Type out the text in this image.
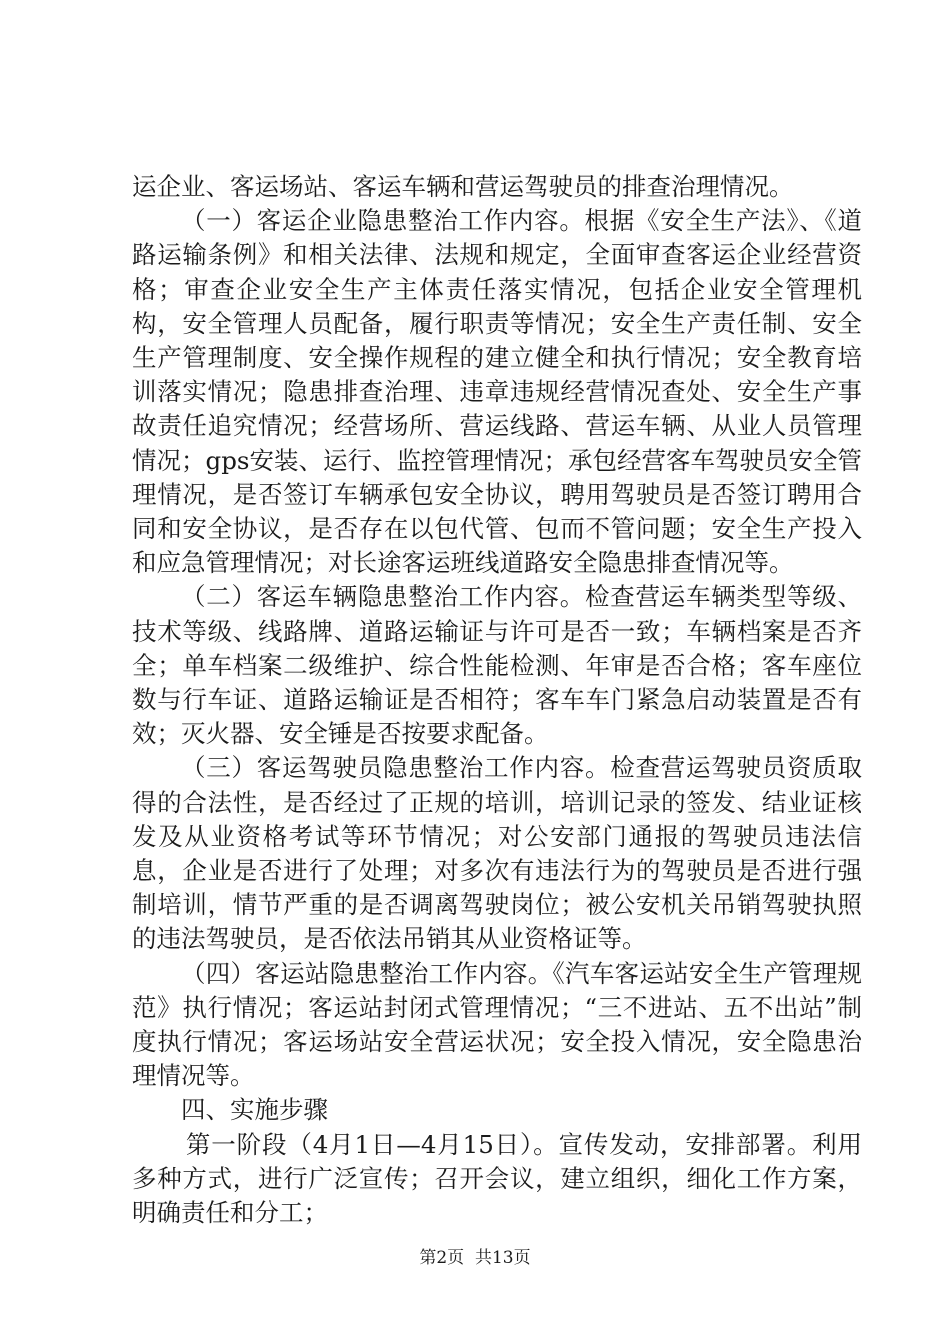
运企业、客运场站、客运车辆和营运驾驶员的排查治理情况。

（一）客运企业隐患整治工作内容。根据《安全生产法》、《道路运输条例》和相关法律、法规和规定，全面审查客运企业经营资格；审查企业安全生产主体责任落实情况，包括企业安全管理机构，安全管理人员配备，履行职责等情况；安全生产责任制、安全生产管理制度、安全操作规程的建立健全和执行情况；安全教育培训落实情况；隐患排查治理、违章违规经营情况查处、安全生产事故责任追究情况；经营场所、营运线路、营运车辆、从业人员管理情况；gps安装、运行、监控管理情况；承包经营客车驾驶员安全管理情况，是否签订车辆承包安全协议，聘用驾驶员是否签订聘用合同和安全协议，是否存在以包代管、包而不管问题；安全生产投入和应急管理情况；对长途客运班线道路安全隐患排查情况等。

（二）客运车辆隐患整治工作内容。检查营运车辆类型等级、技术等级、线路牌、道路运输证与许可是否一致；车辆档案是否齐全；单车档案二级维护、综合性能检测、年审是否合格；客车座位数与行车证、道路运输证是否相符；客车车门紧急启动装置是否有效；灭火器、安全锤是否按要求配备。

（三）客运驾驶员隐患整治工作内容。检查营运驾驶员资质取得的合法性，是否经过了正规的培训，培训记录的签发、结业证核发及从业资格考试等环节情况；对公安部门通报的驾驶员违法信息，企业是否进行了处理；对多次有违法行为的驾驶员是否进行强制培训，情节严重的是否调离驾驶岗位；被公安机关吊销驾驶执照的违法驾驶员，是否依法吊销其从业资格证等。

（四）客运站隐患整治工作内容。《汽车客运站安全生产管理规范》执行情况；客运站封闭式管理情况；“三不进站、五不出站”制度执行情况；客运场站安全营运状况；安全投入情况，安全隐患治理情况等。

四、实施步骤

第一阶段（4月1日—4月15日）。宣传发动，安排部署。利用多种方式，进行广泛宣传；召开会议，建立组织，细化工作方案，明确责任和分工；

第2页  共13页
